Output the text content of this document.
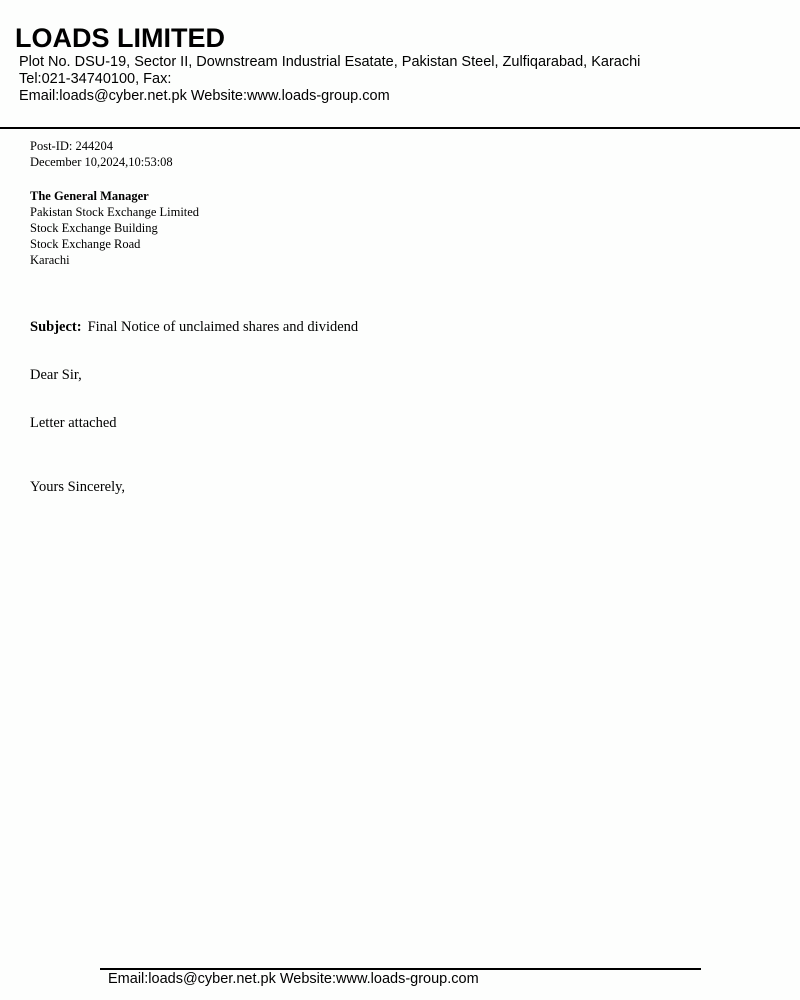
LOADS LIMITED
Plot No. DSU-19, Sector II, Downstream Industrial Esatate, Pakistan Steel, Zulfiqarabad, Karachi
Tel:021-34740100, Fax:
Email:loads@cyber.net.pk Website:www.loads-group.com
Post-ID: 244204
December 10,2024,10:53:08
The General Manager
Pakistan Stock Exchange Limited
Stock Exchange Building
Stock Exchange Road
Karachi
Subject: Final Notice of unclaimed shares and dividend
Dear Sir,
Letter attached
Yours Sincerely,
Email:loads@cyber.net.pk Website:www.loads-group.com
